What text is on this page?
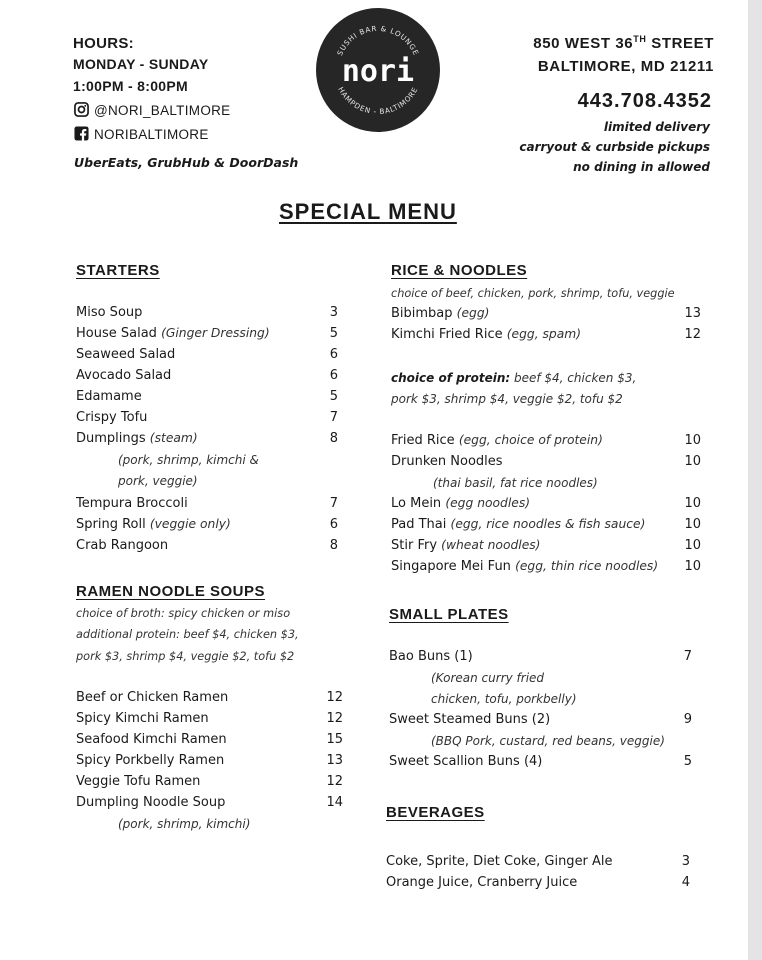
HOURS:
MONDAY - SUNDAY
1:00PM - 8:00PM
@NORI_BALTIMORE
NORIBALTIMORE
UberEats, GrubHub & DoorDash
SUSHI BAR & LOUNGE
HAMPDEN - BALTIMORE
nori
850 WEST 36TH STREET
BALTIMORE, MD 21211
443.708.4352
limited delivery
carryout & curbside pickups
no dining in allowed
SPECIAL MENU
STARTERS
Miso Soup	3
House Salad (Ginger Dressing)	5
Seaweed Salad	6
Avocado Salad	6
Edamame	5
Crispy Tofu	7
Dumplings (steam)	8
(pork, shrimp, kimchi &
pork, veggie)
Tempura Broccoli	7
Spring Roll (veggie only)	6
Crab Rangoon	8
RAMEN NOODLE SOUPS
choice of broth: spicy chicken or miso
additional protein: beef $4, chicken $3,
pork $3, shrimp $4, veggie $2, tofu $2
Beef or Chicken Ramen	12
Spicy Kimchi Ramen	12
Seafood Kimchi Ramen	15
Spicy Porkbelly Ramen	13
Veggie Tofu Ramen	12
Dumpling Noodle Soup	14
(pork, shrimp, kimchi)
RICE & NOODLES
choice of beef, chicken, pork, shrimp, tofu, veggie
Bibimbap (egg)	13
Kimchi Fried Rice (egg, spam)	12
choice of protein: beef $4, chicken $3,
pork $3, shrimp $4, veggie $2, tofu $2
Fried Rice (egg, choice of protein)	10
Drunken Noodles	10
(thai basil, fat rice noodles)
Lo Mein (egg noodles)	10
Pad Thai (egg, rice noodles & fish sauce)	10
Stir Fry (wheat noodles)	10
Singapore Mei Fun (egg, thin rice noodles)	10
SMALL PLATES
Bao Buns (1)	7
(Korean curry fried
chicken, tofu, porkbelly)
Sweet Steamed Buns (2)	9
(BBQ Pork, custard, red beans, veggie)
Sweet Scallion Buns (4)	5
BEVERAGES
Coke, Sprite, Diet Coke, Ginger Ale	3
Orange Juice, Cranberry Juice	4
